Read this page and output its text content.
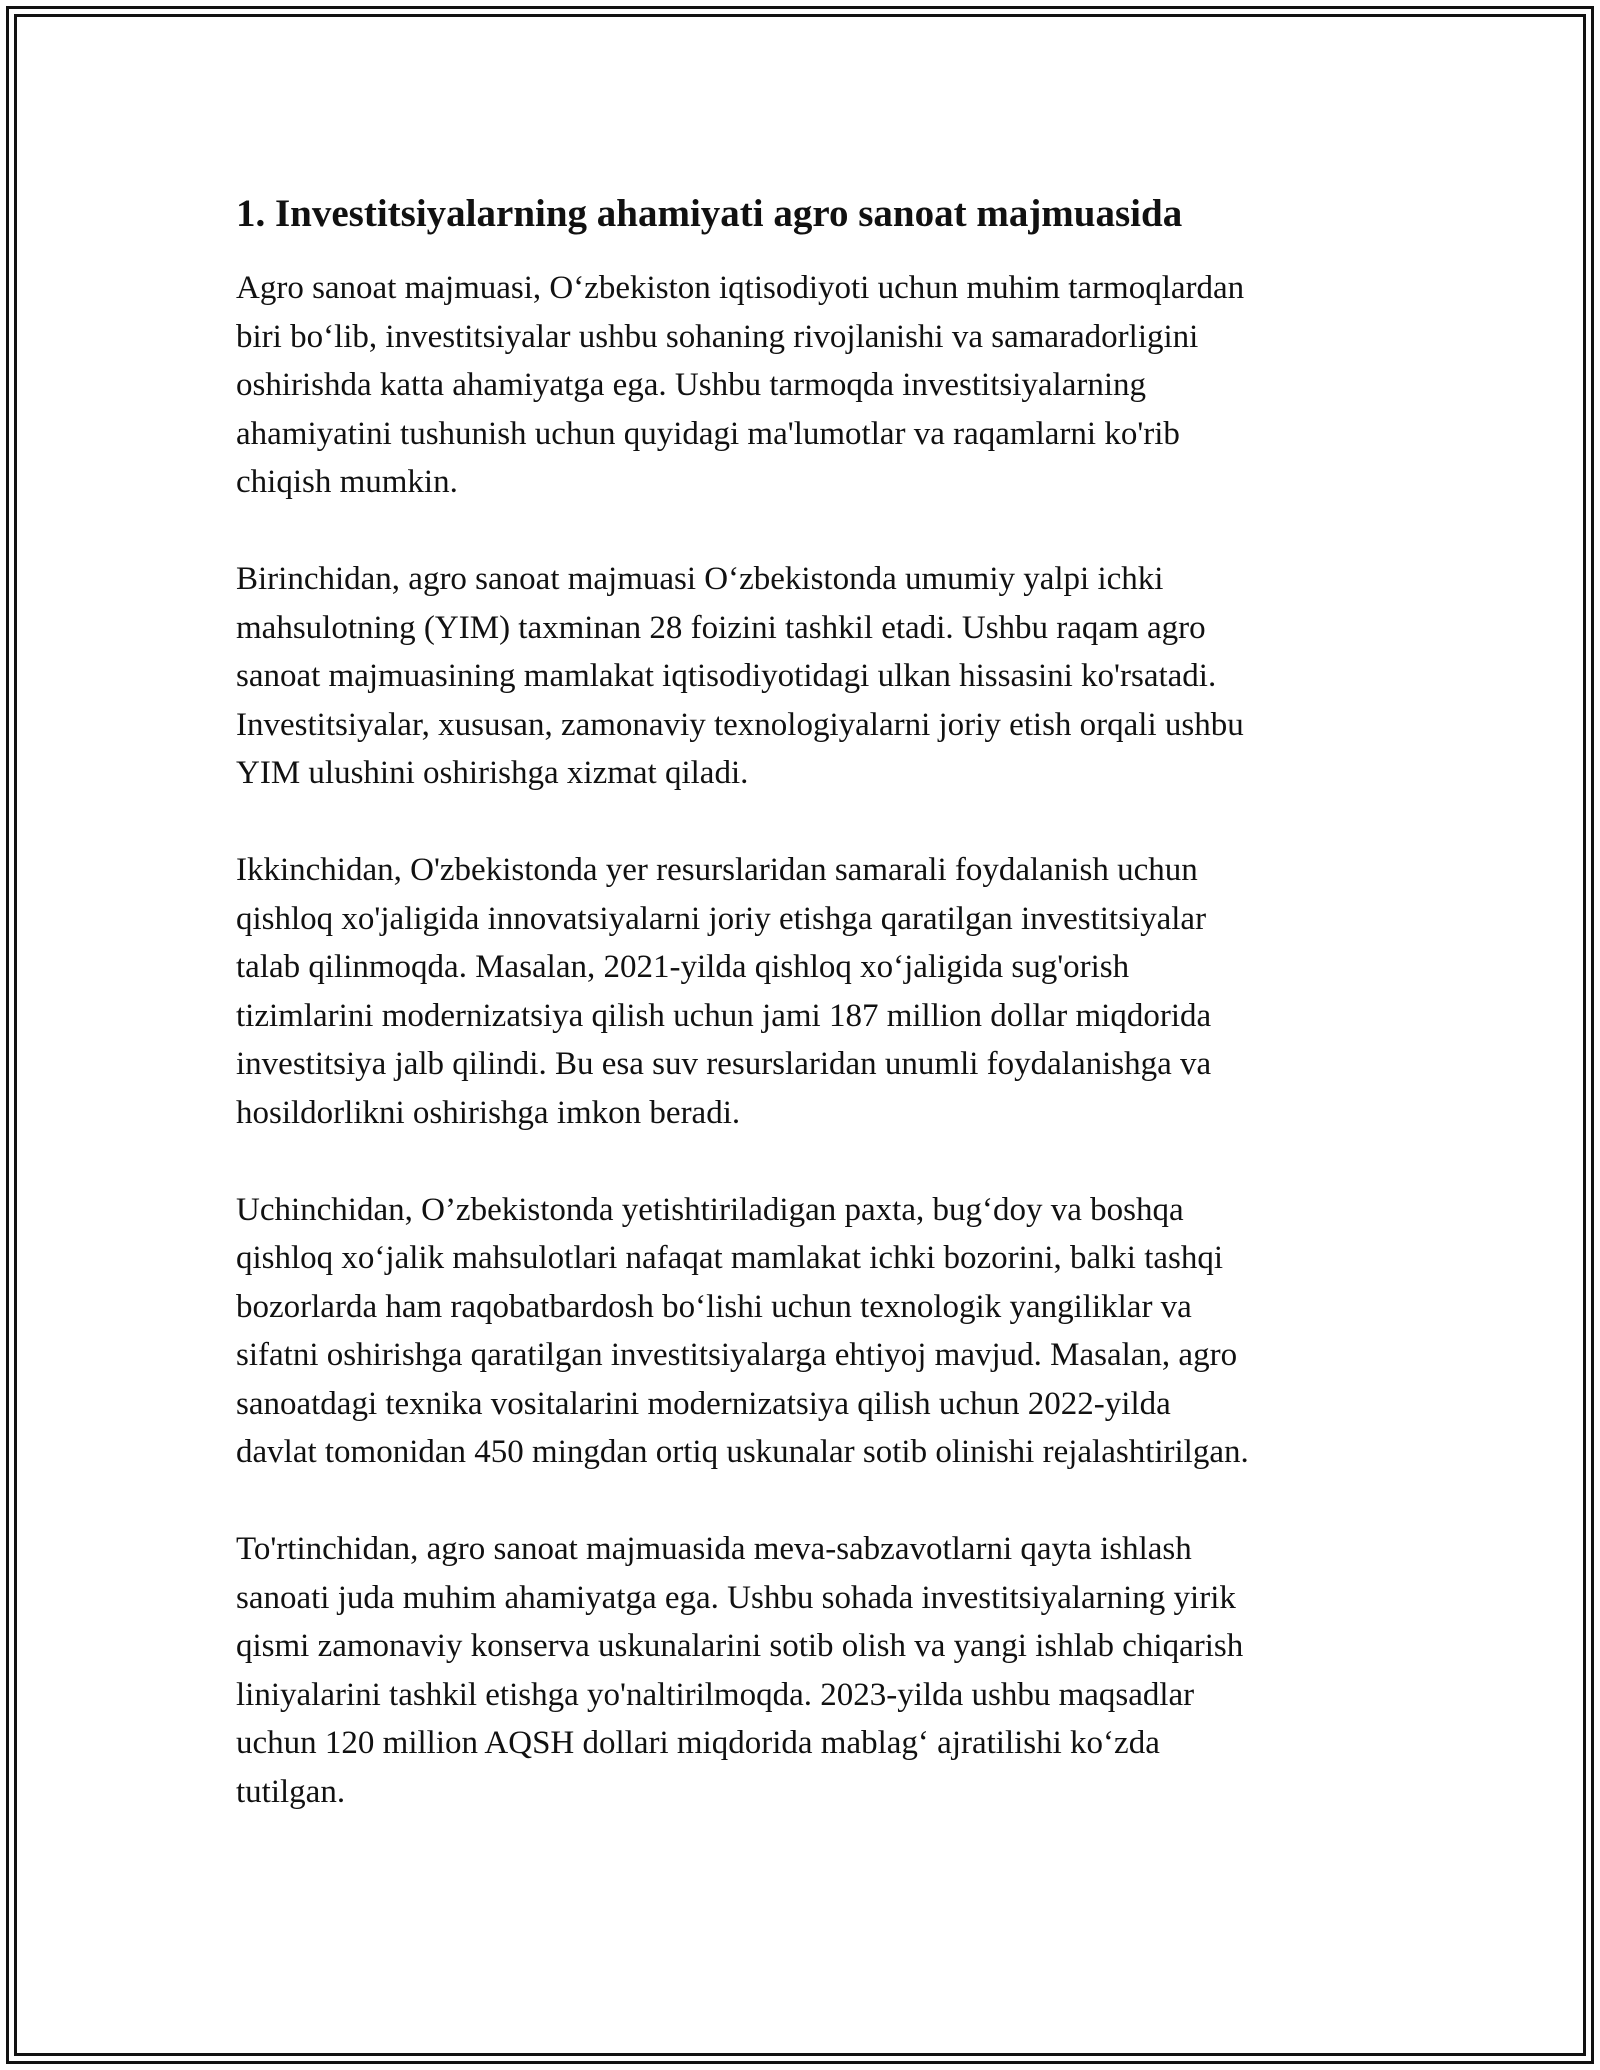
1. Investitsiyalarning ahamiyati agro sanoat majmuasida

Agro sanoat majmuasi, O‘zbekiston iqtisodiyoti uchun muhim tarmoqlardan
biri bo‘lib, investitsiyalar ushbu sohaning rivojlanishi va samaradorligini
oshirishda katta ahamiyatga ega. Ushbu tarmoqda investitsiyalarning
ahamiyatini tushunish uchun quyidagi ma'lumotlar va raqamlarni ko'rib
chiqish mumkin.

Birinchidan, agro sanoat majmuasi O‘zbekistonda umumiy yalpi ichki
mahsulotning (YIM) taxminan 28 foizini tashkil etadi. Ushbu raqam agro
sanoat majmuasining mamlakat iqtisodiyotidagi ulkan hissasini ko'rsatadi.
Investitsiyalar, xususan, zamonaviy texnologiyalarni joriy etish orqali ushbu
YIM ulushini oshirishga xizmat qiladi.

Ikkinchidan, O'zbekistonda yer resurslaridan samarali foydalanish uchun
qishloq xo'jaligida innovatsiyalarni joriy etishga qaratilgan investitsiyalar
talab qilinmoqda. Masalan, 2021-yilda qishloq xo‘jaligida sug'orish
tizimlarini modernizatsiya qilish uchun jami 187 million dollar miqdorida
investitsiya jalb qilindi. Bu esa suv resurslaridan unumli foydalanishga va
hosildorlikni oshirishga imkon beradi.

Uchinchidan, O’zbekistonda yetishtiriladigan paxta, bug‘doy va boshqa
qishloq xo‘jalik mahsulotlari nafaqat mamlakat ichki bozorini, balki tashqi
bozorlarda ham raqobatbardosh bo‘lishi uchun texnologik yangiliklar va
sifatni oshirishga qaratilgan investitsiyalarga ehtiyoj mavjud. Masalan, agro
sanoatdagi texnika vositalarini modernizatsiya qilish uchun 2022-yilda
davlat tomonidan 450 mingdan ortiq uskunalar sotib olinishi rejalashtirilgan.

To'rtinchidan, agro sanoat majmuasida meva-sabzavotlarni qayta ishlash
sanoati juda muhim ahamiyatga ega. Ushbu sohada investitsiyalarning yirik
qismi zamonaviy konserva uskunalarini sotib olish va yangi ishlab chiqarish
liniyalarini tashkil etishga yo'naltirilmoqda. 2023-yilda ushbu maqsadlar
uchun 120 million AQSH dollari miqdorida mablag‘ ajratilishi ko‘zda
tutilgan.
